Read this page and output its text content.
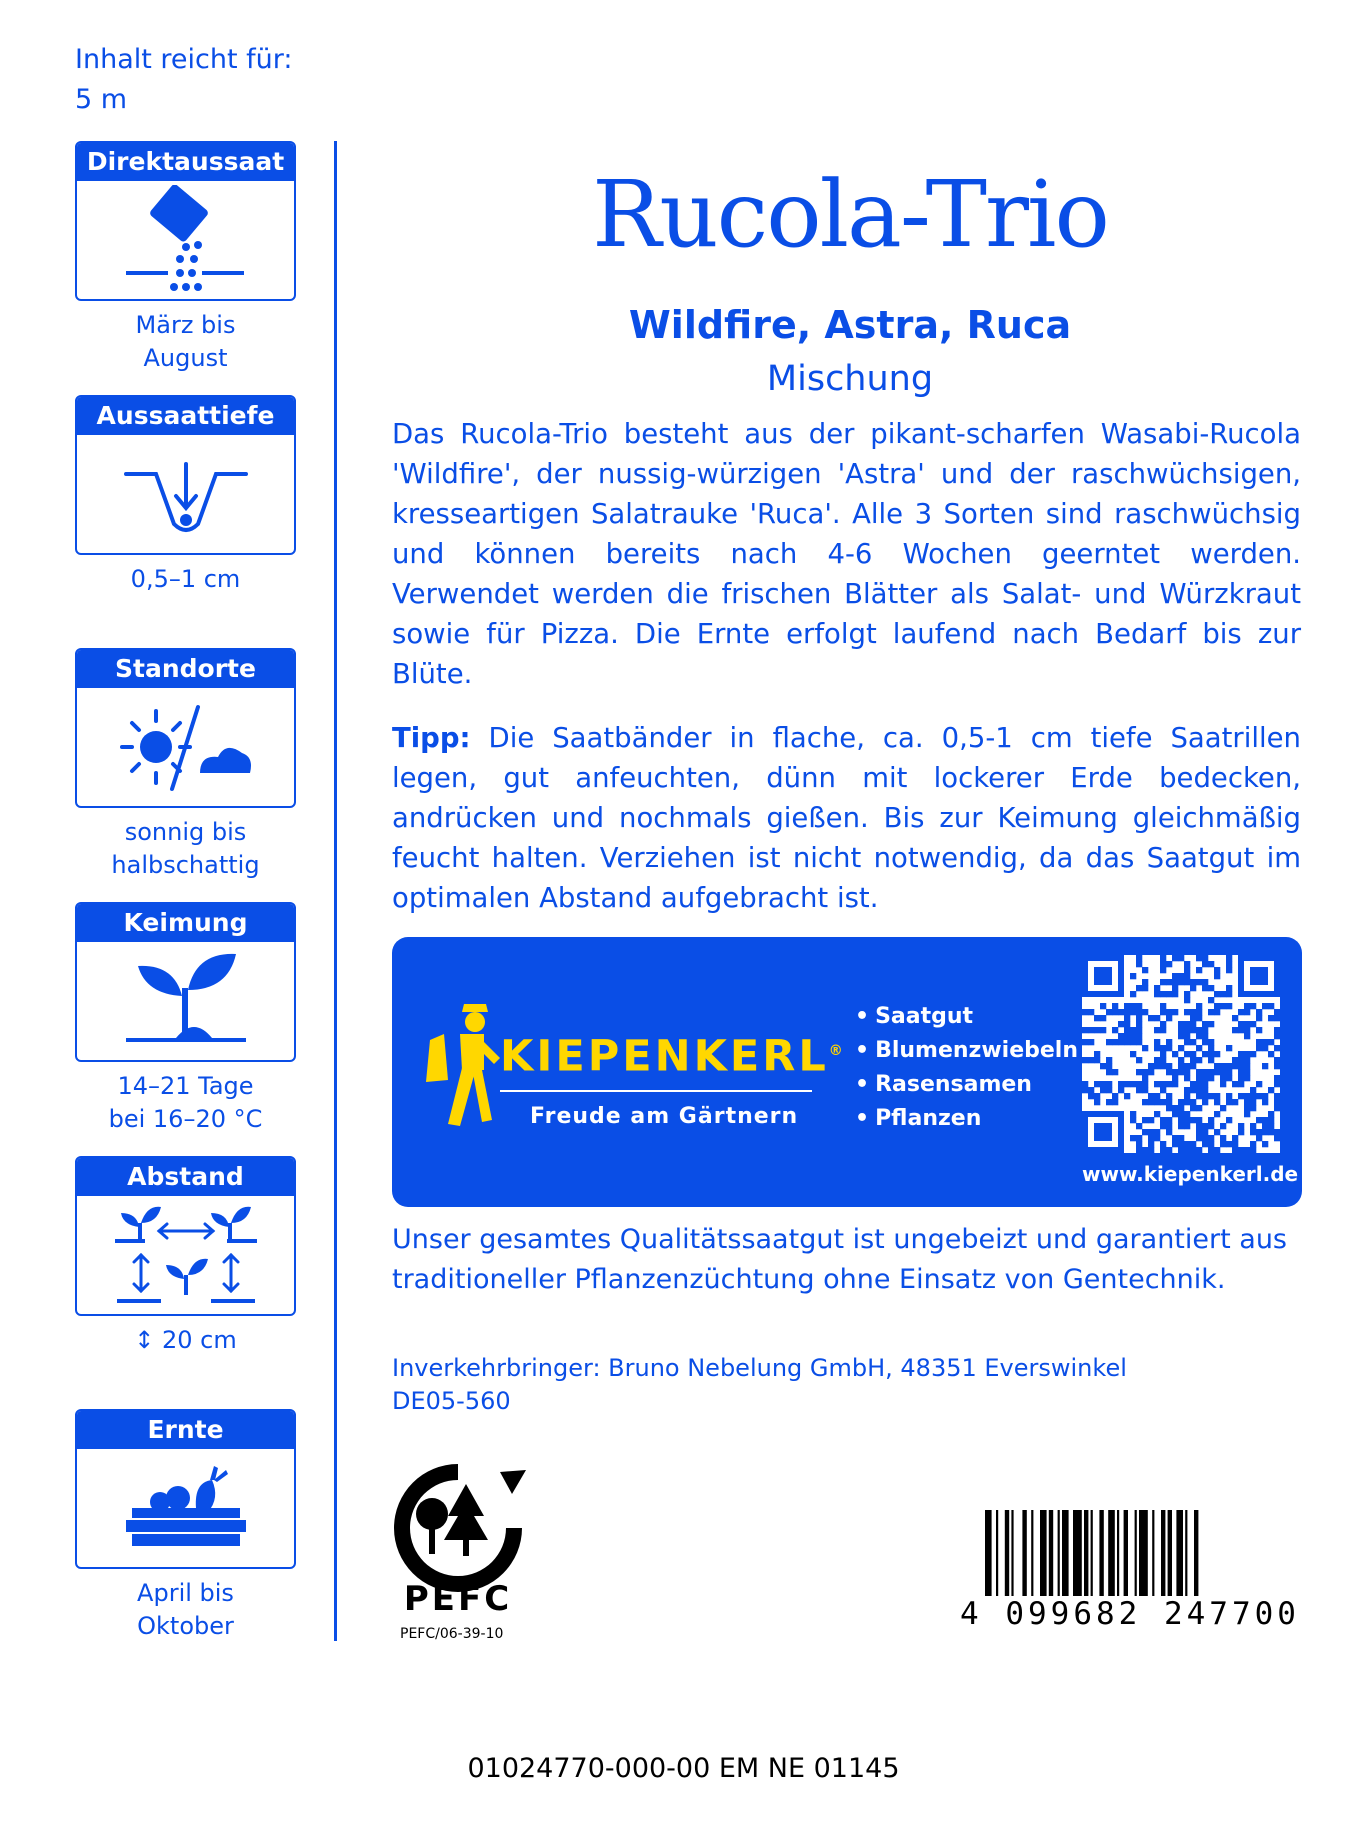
Inhalt reicht für:
5 m
Direktaussaat
März bis
August
Aussaattiefe
0,5–1 cm
Standorte
sonnig bis
halbschattig
Keimung
14–21 Tage
bei 16–20 °C
Abstand
↕ 20 cm
Ernte
April bis
Oktober
Rucola-Trio
Wildfire, Astra, Ruca
Mischung
Das Rucola-Trio besteht aus der pikant-scharfen Wasabi-Rucola 'Wildfire', der nussig-würzigen 'Astra' und der raschwüchsigen, kresseartigen Salatrauke 'Ruca'. Alle 3 Sorten sind raschwüchsig und können bereits nach 4-6 Wochen geerntet werden. Verwendet werden die frischen Blätter als Salat- und Würzkraut sowie für Pizza. Die Ernte erfolgt laufend nach Bedarf bis zur Blüte.
Tipp: Die Saatbänder in flache, ca. 0,5-1 cm tiefe Saatrillen legen, gut anfeuchten, dünn mit lockerer Erde bedecken, andrücken und nochmals gießen. Bis zur Keimung gleichmäßig feucht halten. Verziehen ist nicht notwendig, da das Saatgut im optimalen Abstand aufgebracht ist.
KIEPENKERL®
Freude am Gärtnern
• Saatgut
• Blumenzwiebeln
• Rasensamen
• Pflanzen
www.kiepenkerl.de
Unser gesamtes Qualitätssaatgut ist ungebeizt und garantiert aus traditioneller Pflanzenzüchtung ohne Einsatz von Gentechnik.
Inverkehrbringer: Bruno Nebelung GmbH, 48351 Everswinkel
DE05-560
PEFC
PEFC/06-39-10
4 099682 247700
01024770-000-00 EM NE 01145
